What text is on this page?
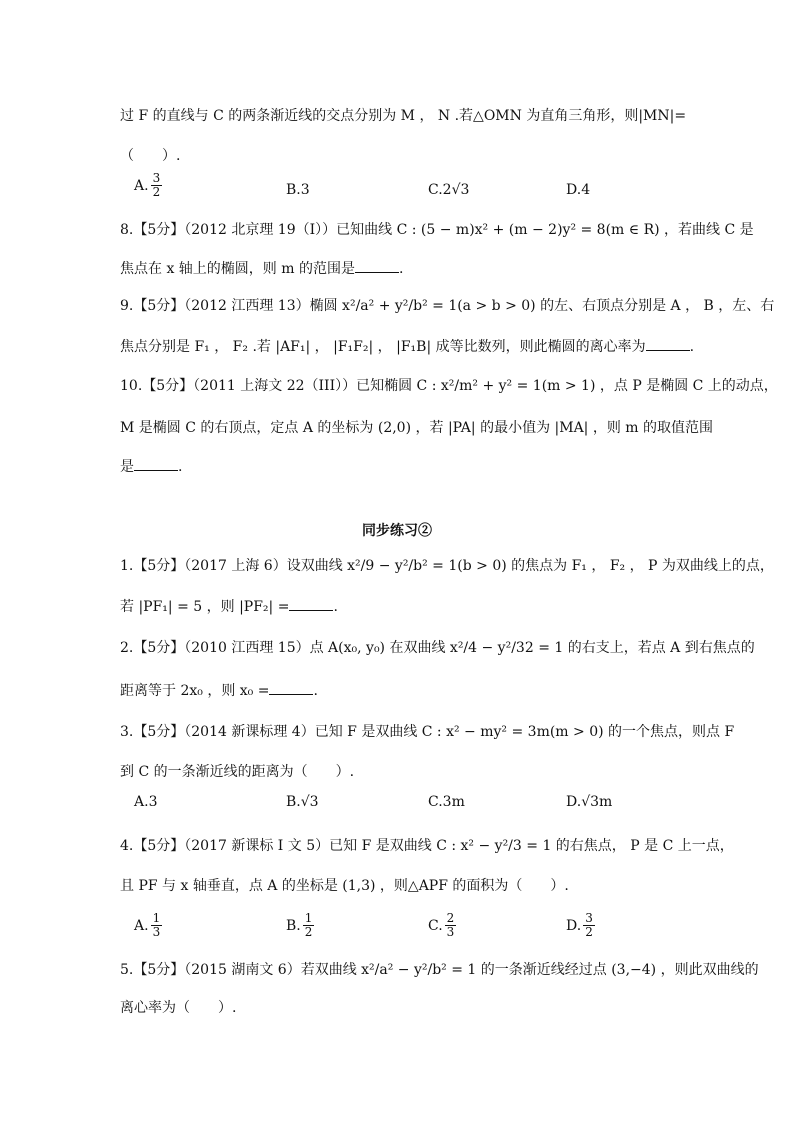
过 F 的直线与 C 的两条渐近线的交点分别为 M ， N .若△OMN 为直角三角形，则|MN|=
（　　）.
A. $\frac{3}{2}$	B. 3	C. 2√3	D. 4
8.【5分】（2012 北京理 19（I））已知曲线 C : (5 − m)x² + (m − 2)y² = 8(m ∈ R) ，若曲线 C 是
焦点在 x 轴上的椭圆，则 m 的范围是	.
9.【5分】（2012 江西理 13）椭圆 x²/a² + y²/b² = 1(a > b > 0) 的左、右顶点分别是 A ， B ，左、右
焦点分别是 F₁ ， F₂ .若 |AF₁| ， |F₁F₂| ， |F₁B| 成等比数列，则此椭圆的离心率为	.
10.【5分】（2011 上海文 22（III））已知椭圆 C : x²/m² + y² = 1(m > 1) ，点 P 是椭圆 C 上的动点，
M 是椭圆 C 的右顶点，定点 A 的坐标为 (2,0) ，若 |PA| 的最小值为 |MA| ，则 m 的取值范围
是	.
同步练习②
1.【5分】（2017 上海 6）设双曲线 x²/9 − y²/b² = 1(b > 0) 的焦点为 F₁ ， F₂ ， P 为双曲线上的点，
若 |PF₁| = 5 ，则 |PF₂| =	.
2.【5分】（2010 江西理 15）点 A(x₀, y₀) 在双曲线 x²/4 − y²/32 = 1 的右支上，若点 A 到右焦点的
距离等于 2x₀ ，则 x₀ =	.
3.【5分】（2014 新课标理 4）已知 F 是双曲线 C : x² − my² = 3m(m > 0) 的一个焦点，则点 F
到 C 的一条渐近线的距离为（　　）.
A. 3	B. √3	C. 3m	D. √3m
4.【5分】（2017 新课标 I 文 5）已知 F 是双曲线 C : x² − y²/3 = 1 的右焦点， P 是 C 上一点，
且 PF 与 x 轴垂直，点 A 的坐标是 (1,3) ，则△APF 的面积为（　　）.
A. $\frac{1}{3}$	B. $\frac{1}{2}$	C. $\frac{2}{3}$	D. $\frac{3}{2}$
5.【5分】（2015 湖南文 6）若双曲线 x²/a² − y²/b² = 1 的一条渐近线经过点 (3,−4) ，则此双曲线的
离心率为（　　）.
